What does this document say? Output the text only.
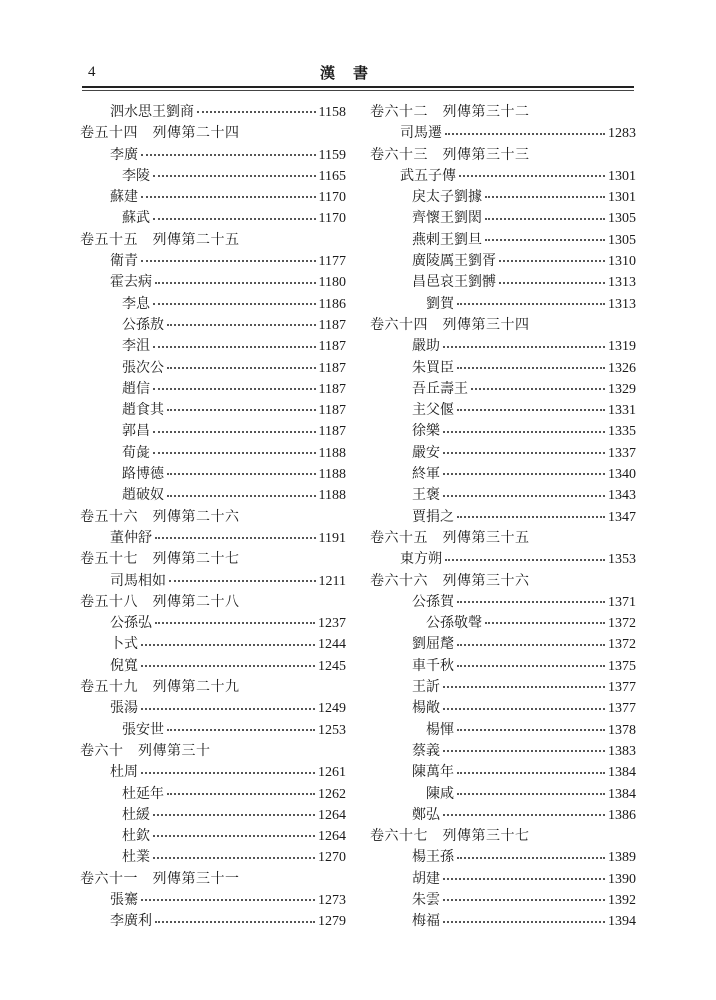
4	漢書
泗水思王劉商	1158
卷五十四　列傳第二十四
李廣	1159
李陵	1165
蘇建	1170
蘇武	1170
卷五十五　列傳第二十五
衛青	1177
霍去病	1180
李息	1186
公孫敖	1187
李沮	1187
張次公	1187
趙信	1187
趙食其	1187
郭昌	1187
荀彘	1188
路博德	1188
趙破奴	1188
卷五十六　列傳第二十六
董仲舒	1191
卷五十七　列傳第二十七
司馬相如	1211
卷五十八　列傳第二十八
公孫弘	1237
卜式	1244
倪寬	1245
卷五十九　列傳第二十九
張湯	1249
張安世	1253
卷六十　列傳第三十
杜周	1261
杜延年	1262
杜緩	1264
杜欽	1264
杜業	1270
卷六十一　列傳第三十一
張騫	1273
李廣利	1279
卷六十二　列傳第三十二
司馬遷	1283
卷六十三　列傳第三十三
武五子傳	1301
戾太子劉據	1301
齊懷王劉閎	1305
燕剌王劉旦	1305
廣陵厲王劉胥	1310
昌邑哀王劉髆	1313
劉賀	1313
卷六十四　列傳第三十四
嚴助	1319
朱買臣	1326
吾丘壽王	1329
主父偃	1331
徐樂	1335
嚴安	1337
終軍	1340
王褒	1343
賈捐之	1347
卷六十五　列傳第三十五
東方朔	1353
卷六十六　列傳第三十六
公孫賀	1371
公孫敬聲	1372
劉屈氂	1372
車千秋	1375
王訢	1377
楊敞	1377
楊惲	1378
蔡義	1383
陳萬年	1384
陳咸	1384
鄭弘	1386
卷六十七　列傳第三十七
楊王孫	1389
胡建	1390
朱雲	1392
梅福	1394
